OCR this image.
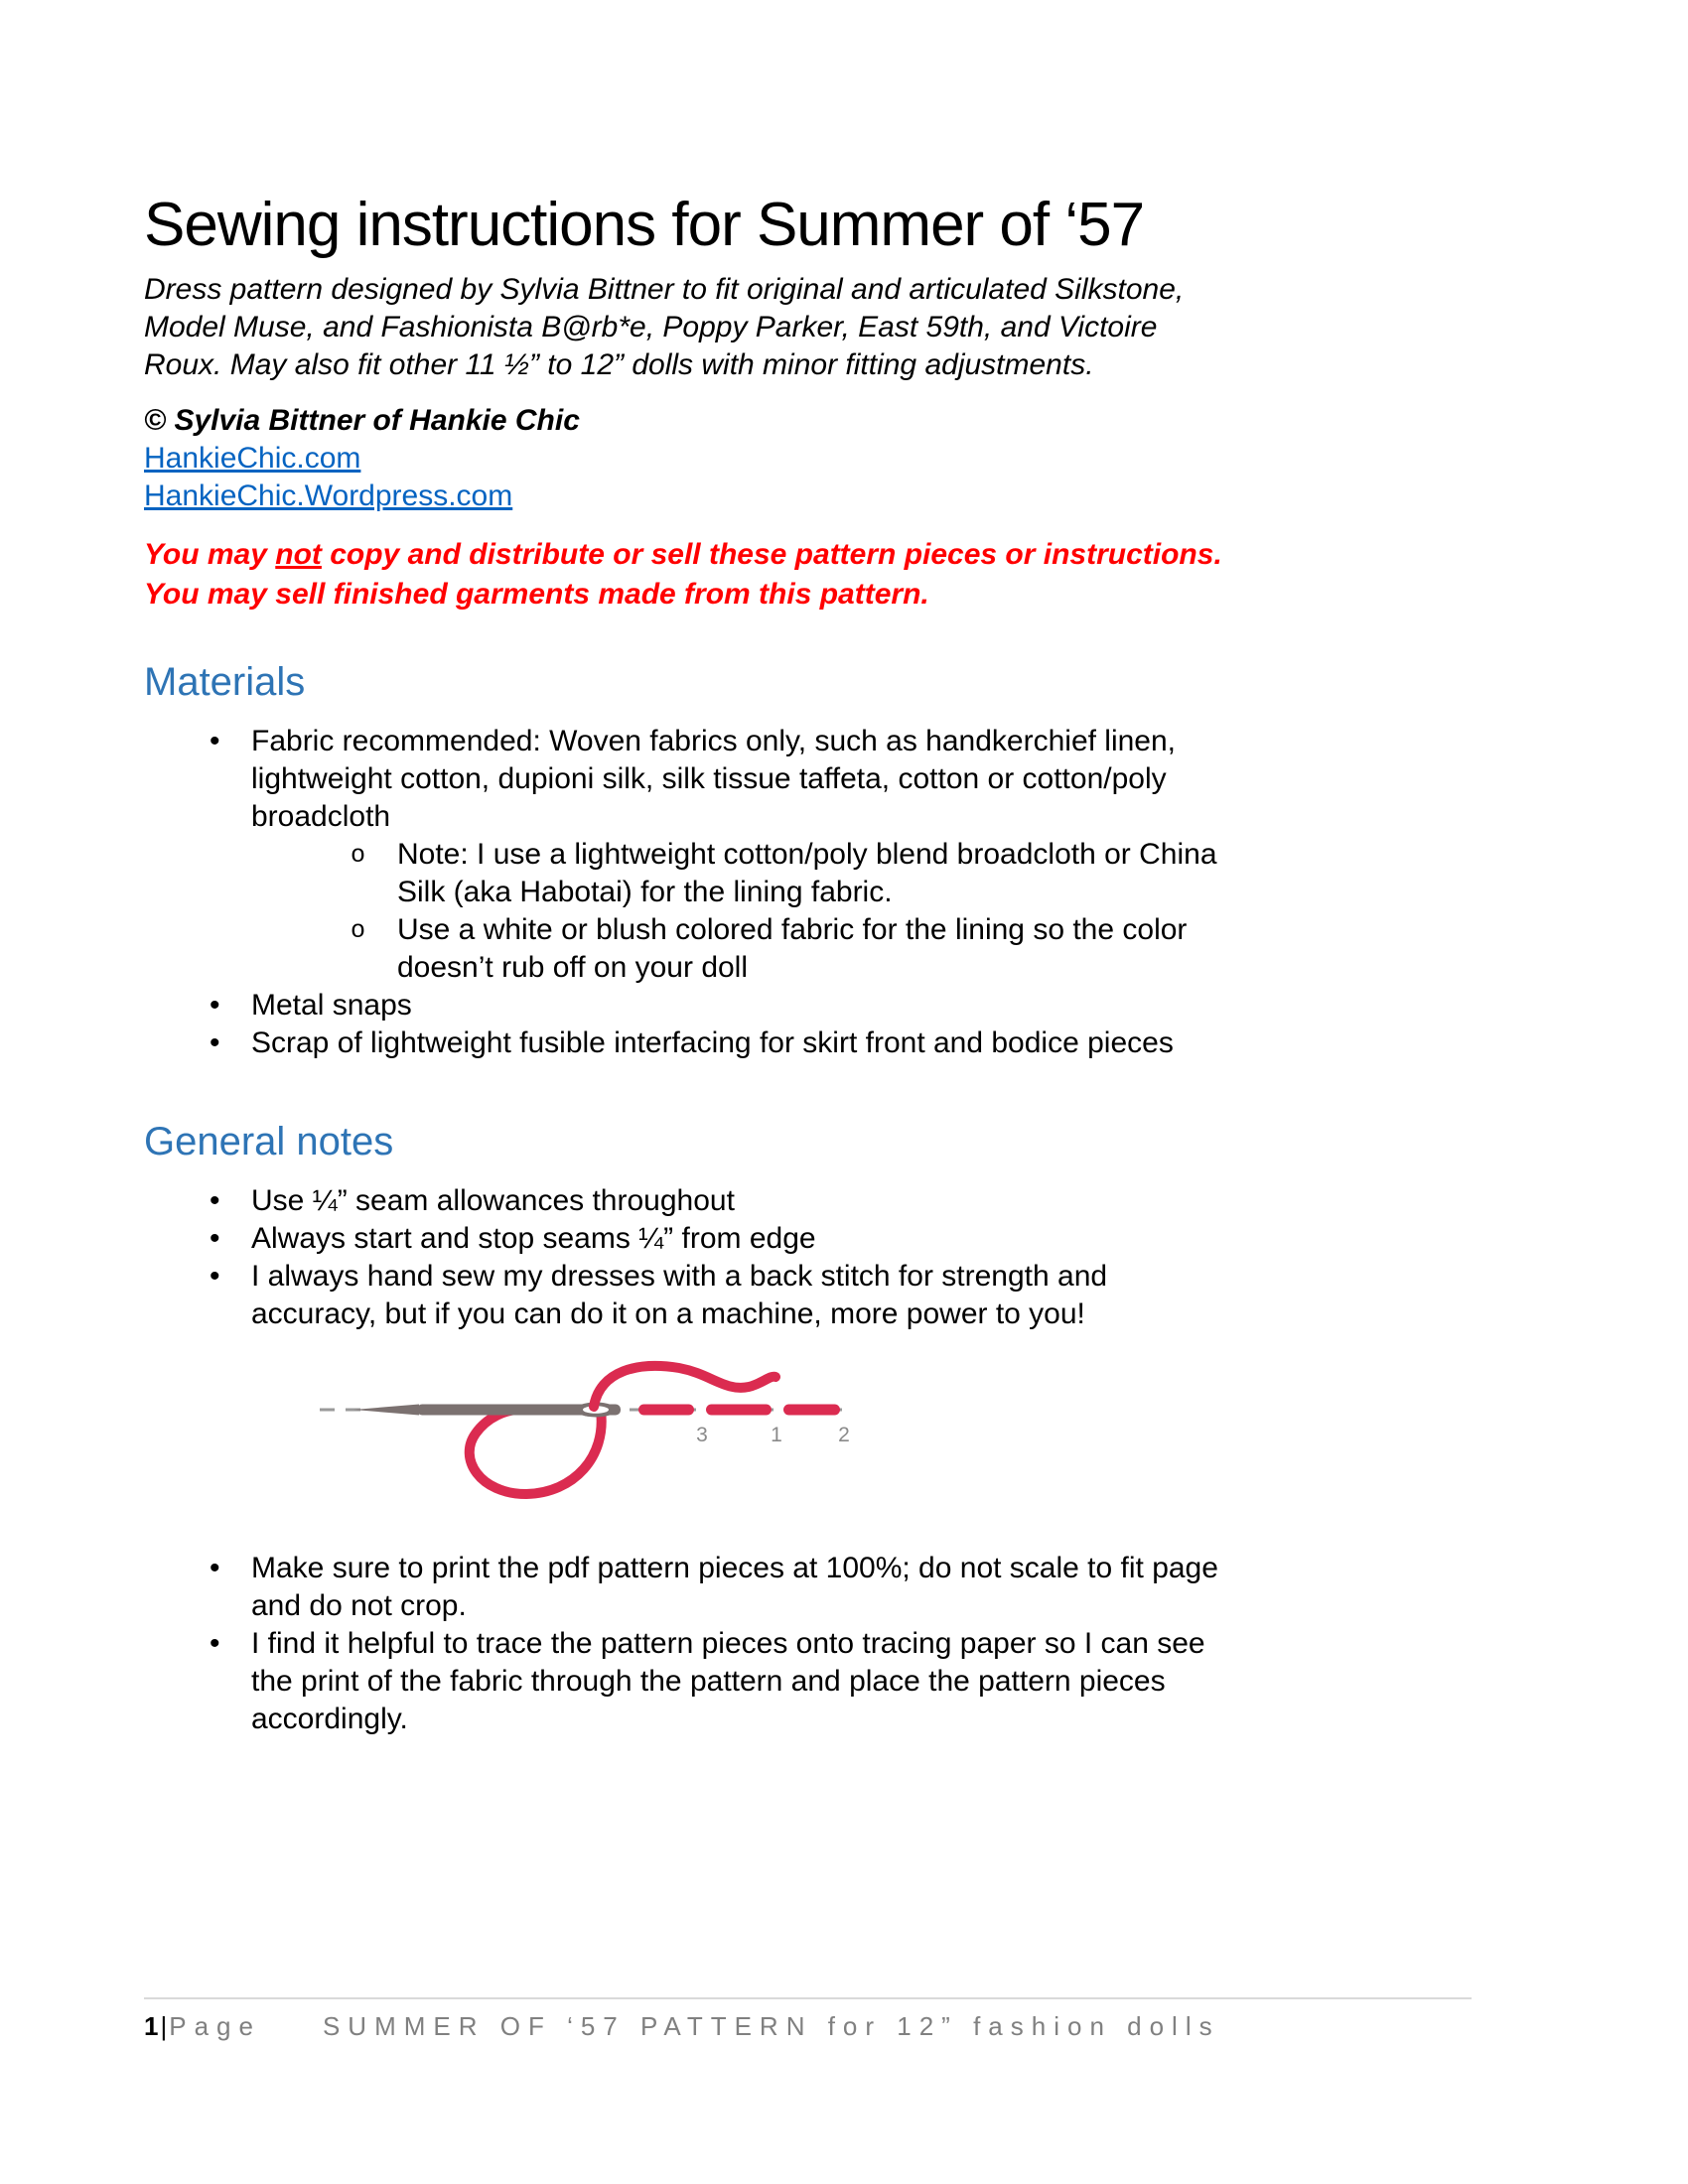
Sewing instructions for Summer of ‘57

Dress pattern designed by Sylvia Bittner to fit original and articulated Silkstone, Model Muse, and Fashionista B@rb*e, Poppy Parker, East 59th, and Victoire Roux. May also fit other 11 ½” to 12” dolls with minor fitting adjustments.

© Sylvia Bittner of Hankie Chic

HankieChic.com
HankieChic.Wordpress.com
You may not copy and distribute or sell these pattern pieces or instructions.
You may sell finished garments made from this pattern.
Materials
• Fabric recommended: Woven fabrics only, such as handkerchief linen, lightweight cotton, dupioni silk, silk tissue taffeta, cotton or cotton/poly broadcloth
o Note: I use a lightweight cotton/poly blend broadcloth or China Silk (aka Habotai) for the lining fabric.
o Use a white or blush colored fabric for the lining so the color doesn’t rub off on your doll
• Metal snaps
• Scrap of lightweight fusible interfacing for skirt front and bodice pieces
General notes
• Use ¼” seam allowances throughout
• Always start and stop seams ¼” from edge
• I always hand sew my dresses with a back stitch for strength and accuracy, but if you can do it on a machine, more power to you!
3	1	2
• Make sure to print the pdf pattern pieces at 100%; do not scale to fit page and do not crop.
• I find it helpful to trace the pattern pieces onto tracing paper so I can see the print of the fabric through the pattern and place the pattern pieces accordingly.
1|Page SUMMER OF ‘57 PATTERN for 12” fashion dolls
